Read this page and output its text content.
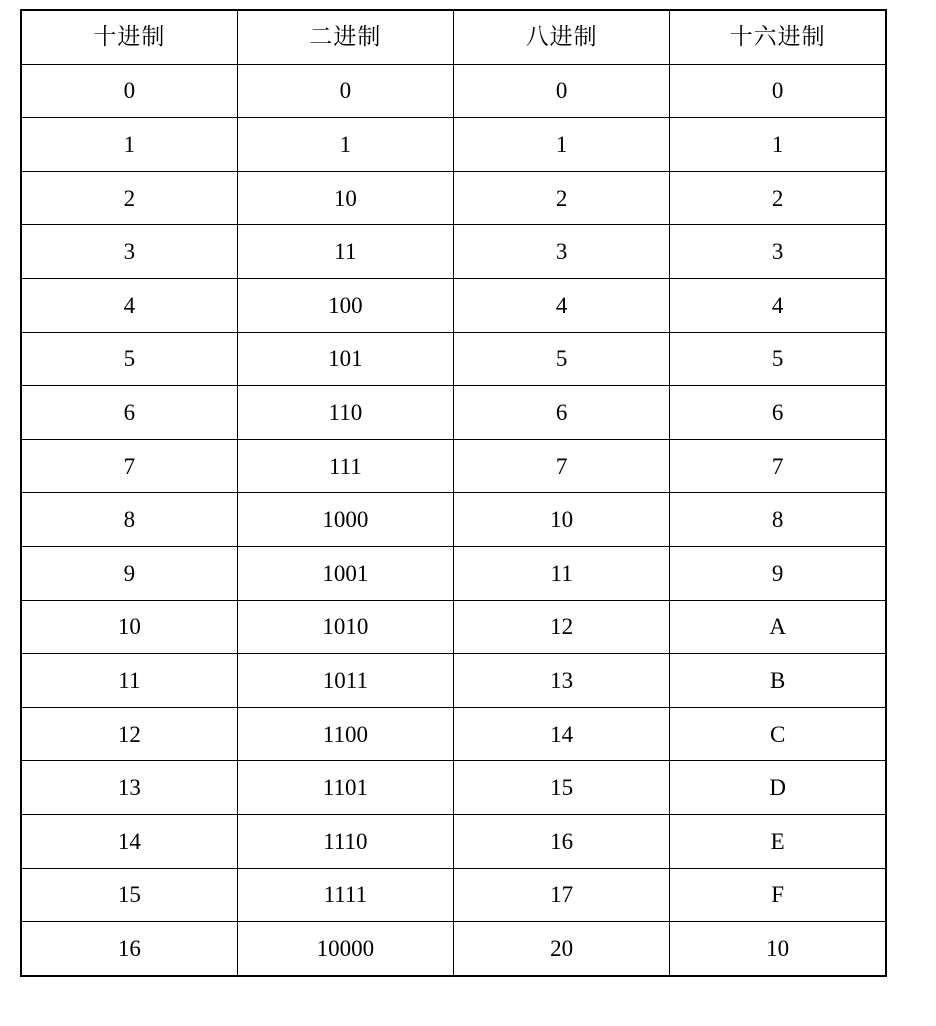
十进制	二进制	八进制	十六进制
0	0	0	0
1	1	1	1
2	10	2	2
3	11	3	3
4	100	4	4
5	101	5	5
6	110	6	6
7	111	7	7
8	1000	10	8
9	1001	11	9
10	1010	12	A
11	1011	13	B
12	1100	14	C
13	1101	15	D
14	1110	16	E
15	1111	17	F
16	10000	20	10
